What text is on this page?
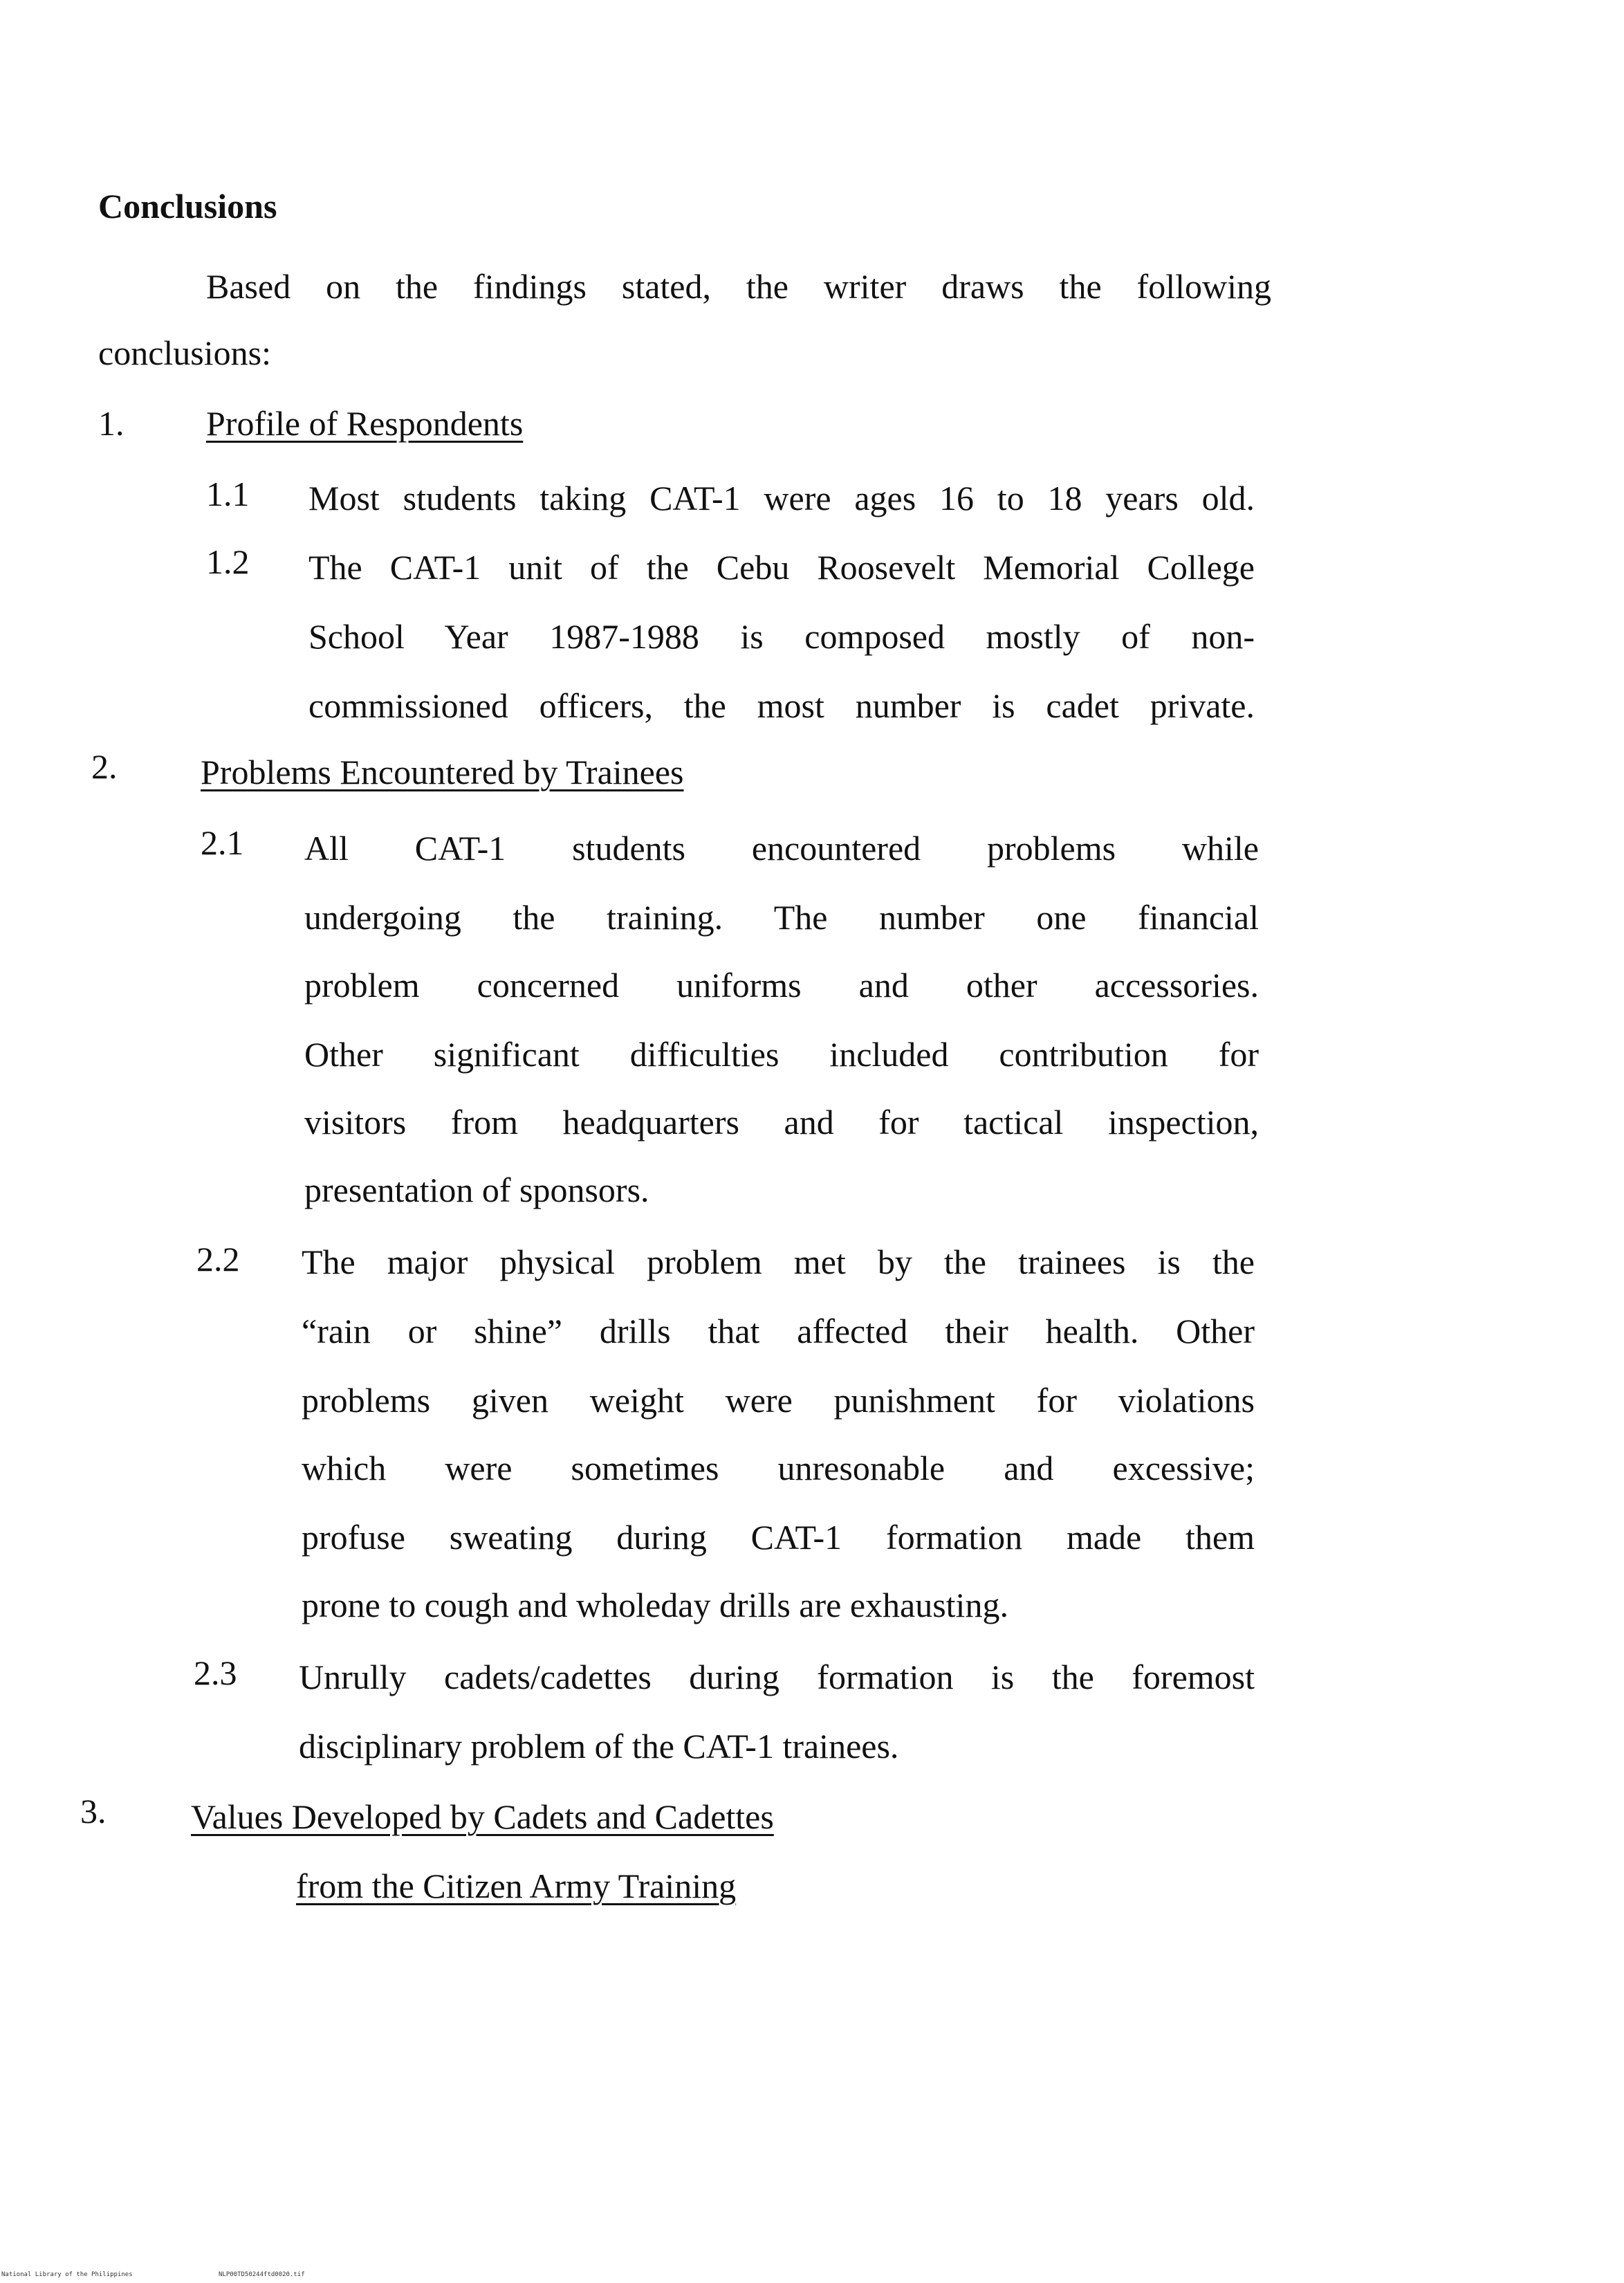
Conclusions
Based on the findings stated, the writer draws the following
conclusions:
1. Profile of Respondents
1.1 Most students taking CAT-1 were ages 16 to 18 years old.
1.2 The CAT-1 unit of the Cebu Roosevelt Memorial College
School Year 1987-1988 is composed mostly of non-
commissioned officers, the most number is cadet private.
2. Problems Encountered by Trainees
2.1 All CAT-1 students encountered problems while
undergoing the training. The number one financial
problem concerned uniforms and other accessories.
Other significant difficulties included contribution for
visitors from headquarters and for tactical inspection,
presentation of sponsors.
2.2 The major physical problem met by the trainees is the
“rain or shine” drills that affected their health. Other
problems given weight were punishment for violations
which were sometimes unresonable and excessive;
profuse sweating during CAT-1 formation made them
prone to cough and wholeday drills are exhausting.
2.3 Unrully cadets/cadettes during formation is the foremost
disciplinary problem of the CAT-1 trainees.
3. Values Developed by Cadets and Cadettes
from the Citizen Army Training
National Library of the Philippines	NLP00TD50244ftd0020.tif
